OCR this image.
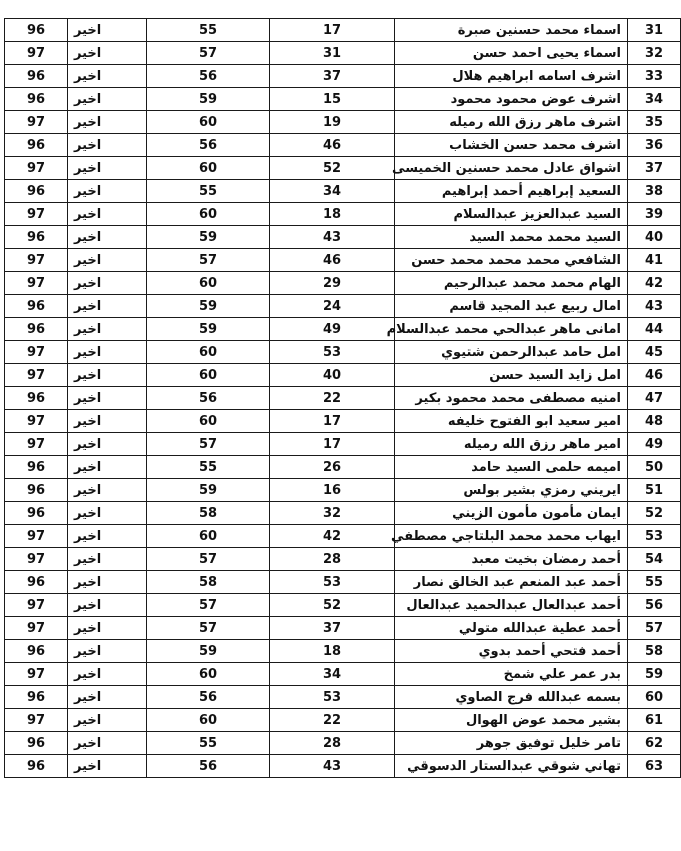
96	اخير	55	17	اسماء محمد حسنين صبرة	31
97	اخير	57	31	اسماء يحيى احمد حسن	32
96	اخير	56	37	اشرف اسامه ابراهيم هلال	33
96	اخير	59	15	اشرف عوض محمود محمود	34
97	اخير	60	19	اشرف ماهر رزق الله رميله	35
96	اخير	56	46	اشرف محمد حسن الخشاب	36
97	اخير	60	52	اشواق عادل محمد حسنين الخميسى	37
96	اخير	55	34	السعيد إبراهيم أحمد إبراهيم	38
97	اخير	60	18	السيد عبدالعزيز عبدالسلام	39
96	اخير	59	43	السيد محمد محمد السيد	40
97	اخير	57	46	الشافعي محمد محمد محمد حسن	41
97	اخير	60	29	الهام محمد محمد عبدالرحيم	42
96	اخير	59	24	امال ربيع عبد المجيد قاسم	43
96	اخير	59	49	امانى ماهر عبدالحي محمد عبدالسلام	44
97	اخير	60	53	امل حامد عبدالرحمن شتيوي	45
97	اخير	60	40	امل زايد السيد حسن	46
96	اخير	56	22	امنيه مصطفى محمد محمود بكير	47
97	اخير	60	17	امير سعيد ابو الفتوح خليفه	48
97	اخير	57	17	امير ماهر رزق الله رميله	49
96	اخير	55	26	اميمه حلمى السيد حامد	50
96	اخير	59	16	ايريني رمزي بشير بولس	51
96	اخير	58	32	ايمان مأمون مأمون الزيني	52
97	اخير	60	42	ايهاب محمد محمد البلتاجي مصطفي	53
97	اخير	57	28	أحمد رمضان بخيت معبد	54
96	اخير	58	53	أحمد عبد المنعم عبد الخالق نصار	55
97	اخير	57	52	أحمد عبدالعال عبدالحميد عبدالعال	56
97	اخير	57	37	أحمد عطية عبدالله متولي	57
96	اخير	59	18	أحمد فتحي أحمد بدوي	58
97	اخير	60	34	بدر عمر علي شمخ	59
96	اخير	56	53	بسمه عبدالله فرج الصاوي	60
97	اخير	60	22	بشير محمد عوض الهوال	61
96	اخير	55	28	تامر خليل توفيق جوهر	62
96	اخير	56	43	تهاني شوقي عبدالستار الدسوقي	63
